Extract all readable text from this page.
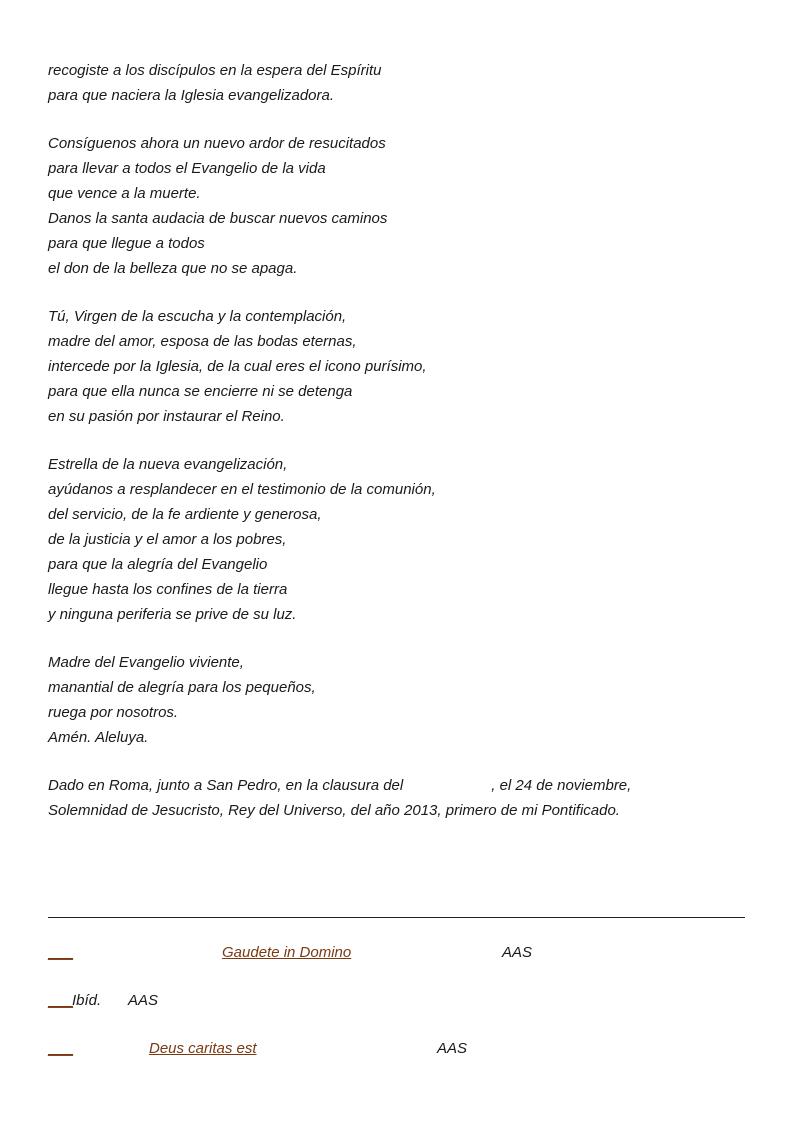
recogiste a los discípulos en la espera del Espíritu
para que naciera la Iglesia evangelizadora.
Consíguenos ahora un nuevo ardor de resucitados
para llevar a todos el Evangelio de la vida
que vence a la muerte.
Danos la santa audacia de buscar nuevos caminos
para que llegue a todos
el don de la belleza que no se apaga.
Tú, Virgen de la escucha y la contemplación,
madre del amor, esposa de las bodas eternas,
intercede por la Iglesia, de la cual eres el icono purísimo,
para que ella nunca se encierre ni se detenga
en su pasión por instaurar el Reino.
Estrella de la nueva evangelización,
ayúdanos a resplandecer en el testimonio de la comunión,
del servicio, de la fe ardiente y generosa,
de la justicia y el amor a los pobres,
para que la alegría del Evangelio
llegue hasta los confines de la tierra
y ninguna periferia se prive de su luz.
Madre del Evangelio viviente,
manantial de alegría para los pequeños,
ruega por nosotros.
Amén. Aleluya.
Dado en Roma, junto a San Pedro, en la clausura del	, el 24 de noviembre,
Solemnidad de Jesucristo, Rey del Universo, del año 2013, primero de mi Pontificado.
___	Gaudete in Domino	AAS
___
Ibíd. AAS
___	Deus caritas est	AAS
